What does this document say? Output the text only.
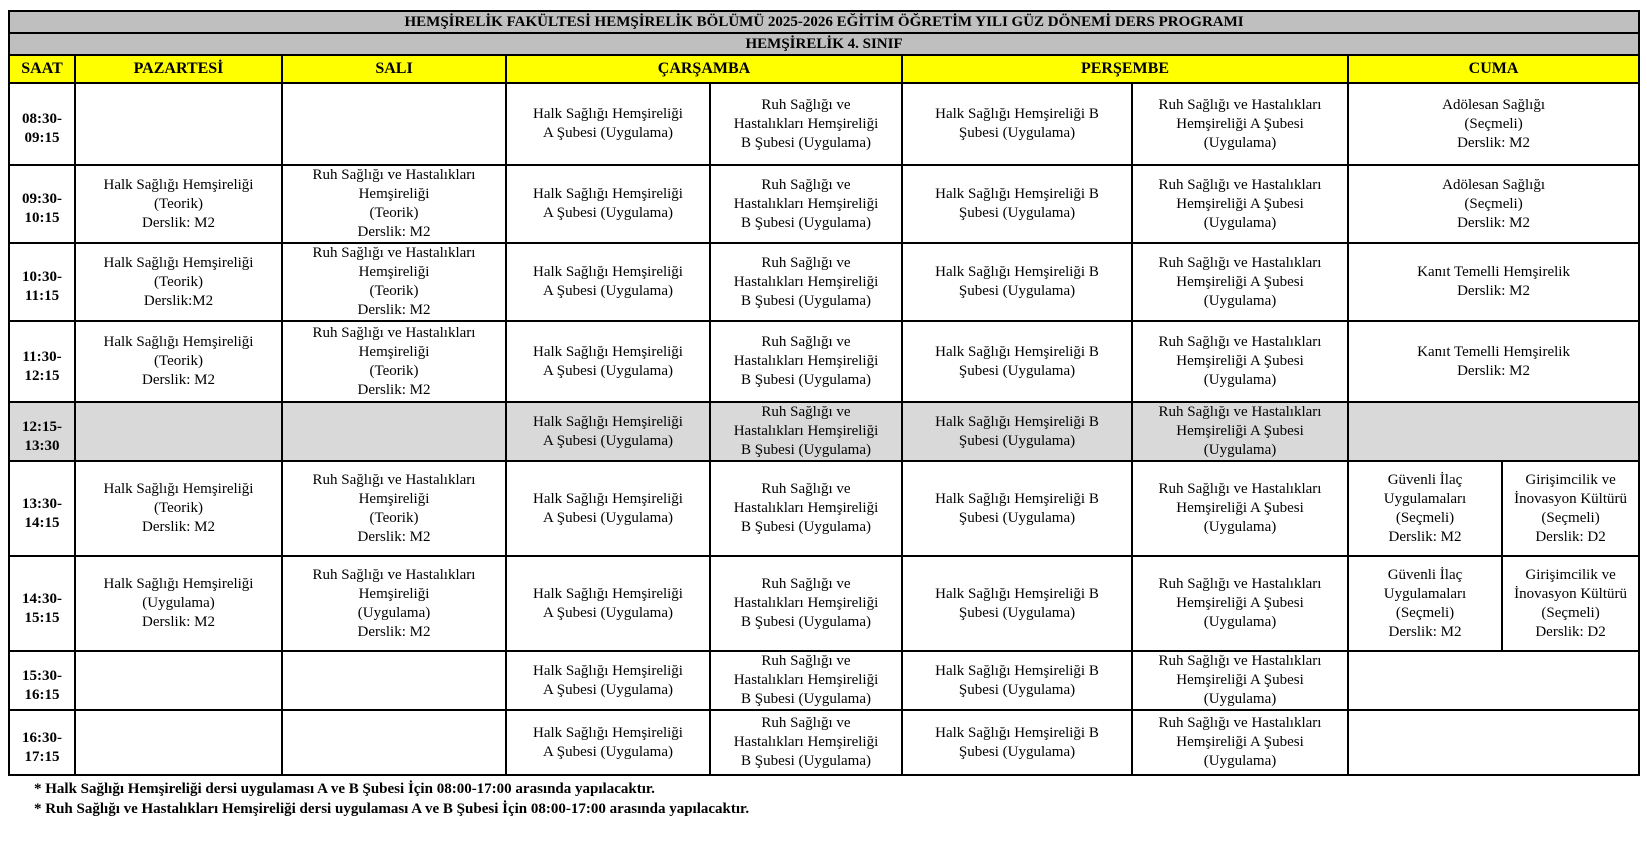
HEMŞİRELİK FAKÜLTESİ HEMŞİRELİK BÖLÜMÜ 2025-2026 EĞİTİM ÖĞRETİM YILI GÜZ DÖNEMİ DERS PROGRAMI								
HEMŞİRELİK 4. SINIF								
SAAT	PAZARTESİ	SALI	ÇARŞAMBA		PERŞEMBE		CUMA	
08:30-09:15			Halk Sağlığı Hemşireliği
A Şubesi (Uygulama)	Ruh Sağlığı ve
Hastalıkları Hemşireliği
B Şubesi (Uygulama)	Halk Sağlığı Hemşireliği B
Şubesi (Uygulama)	Ruh Sağlığı ve Hastalıkları
Hemşireliği A Şubesi
(Uygulama)	Adölesan Sağlığı
(Seçmeli)
Derslik: M2	

09:30-10:15	Halk Sağlığı Hemşireliği
(Teorik)
Derslik: M2	Ruh Sağlığı ve Hastalıkları
Hemşireliği
(Teorik)
Derslik: M2	Halk Sağlığı Hemşireliği
A Şubesi (Uygulama)	Ruh Sağlığı ve
Hastalıkları Hemşireliği
B Şubesi (Uygulama)	Halk Sağlığı Hemşireliği B
Şubesi (Uygulama)	Ruh Sağlığı ve Hastalıkları
Hemşireliği A Şubesi
(Uygulama)	Adölesan Sağlığı
(Seçmeli)
Derslik: M2	

10:30-11:15	Halk Sağlığı Hemşireliği
(Teorik)
Derslik:M2	Ruh Sağlığı ve Hastalıkları
Hemşireliği
(Teorik)
Derslik: M2	Halk Sağlığı Hemşireliği
A Şubesi (Uygulama)	Ruh Sağlığı ve
Hastalıkları Hemşireliği
B Şubesi (Uygulama)	Halk Sağlığı Hemşireliği B
Şubesi (Uygulama)	Ruh Sağlığı ve Hastalıkları
Hemşireliği A Şubesi
(Uygulama)	Kanıt Temelli Hemşirelik
Derslik: M2	

11:30-12:15	Halk Sağlığı Hemşireliği
(Teorik)
Derslik: M2	Ruh Sağlığı ve Hastalıkları
Hemşireliği
(Teorik)
Derslik: M2	Halk Sağlığı Hemşireliği
A Şubesi (Uygulama)	Ruh Sağlığı ve
Hastalıkları Hemşireliği
B Şubesi (Uygulama)	Halk Sağlığı Hemşireliği B
Şubesi (Uygulama)	Ruh Sağlığı ve Hastalıkları
Hemşireliği A Şubesi
(Uygulama)	Kanıt Temelli Hemşirelik
Derslik: M2	

12:15-13:30			Halk Sağlığı Hemşireliği
A Şubesi (Uygulama)	Ruh Sağlığı ve
Hastalıkları Hemşireliği
B Şubesi (Uygulama)	Halk Sağlığı Hemşireliği B
Şubesi (Uygulama)	Ruh Sağlığı ve Hastalıkları
Hemşireliği A Şubesi
(Uygulama)		

13:30-14:15	Halk Sağlığı Hemşireliği
(Teorik)
Derslik: M2	Ruh Sağlığı ve Hastalıkları
Hemşireliği
(Teorik)
Derslik: M2	Halk Sağlığı Hemşireliği
A Şubesi (Uygulama)	Ruh Sağlığı ve
Hastalıkları Hemşireliği
B Şubesi (Uygulama)	Halk Sağlığı Hemşireliği B
Şubesi (Uygulama)	Ruh Sağlığı ve Hastalıkları
Hemşireliği A Şubesi
(Uygulama)	Güvenli İlaç
Uygulamaları
(Seçmeli)
Derslik: M2	Girişimcilik ve
İnovasyon Kültürü
(Seçmeli)
Derslik: D2

14:30-15:15	Halk Sağlığı Hemşireliği
(Uygulama)
Derslik: M2	Ruh Sağlığı ve Hastalıkları
Hemşireliği
(Uygulama)
Derslik: M2	Halk Sağlığı Hemşireliği
A Şubesi (Uygulama)	Ruh Sağlığı ve
Hastalıkları Hemşireliği
B Şubesi (Uygulama)	Halk Sağlığı Hemşireliği B
Şubesi (Uygulama)	Ruh Sağlığı ve Hastalıkları
Hemşireliği A Şubesi
(Uygulama)	Güvenli İlaç
Uygulamaları
(Seçmeli)
Derslik: M2	Girişimcilik ve
İnovasyon Kültürü
(Seçmeli)
Derslik: D2

15:30-16:15			Halk Sağlığı Hemşireliği
A Şubesi (Uygulama)	Ruh Sağlığı ve
Hastalıkları Hemşireliği
B Şubesi (Uygulama)	Halk Sağlığı Hemşireliği B
Şubesi (Uygulama)	Ruh Sağlığı ve Hastalıkları
Hemşireliği A Şubesi
(Uygulama)		

16:30-17:15			Halk Sağlığı Hemşireliği
A Şubesi (Uygulama)	Ruh Sağlığı ve
Hastalıkları Hemşireliği
B Şubesi (Uygulama)	Halk Sağlığı Hemşireliği B
Şubesi (Uygulama)	Ruh Sağlığı ve Hastalıkları
Hemşireliği A Şubesi
(Uygulama)		

* Halk Sağlığı Hemşireliği dersi uygulaması A ve B Şubesi İçin 08:00-17:00 arasında yapılacaktır.
* Ruh Sağlığı ve Hastalıkları Hemşireliği dersi uygulaması A ve B Şubesi İçin 08:00-17:00 arasında yapılacaktır.
